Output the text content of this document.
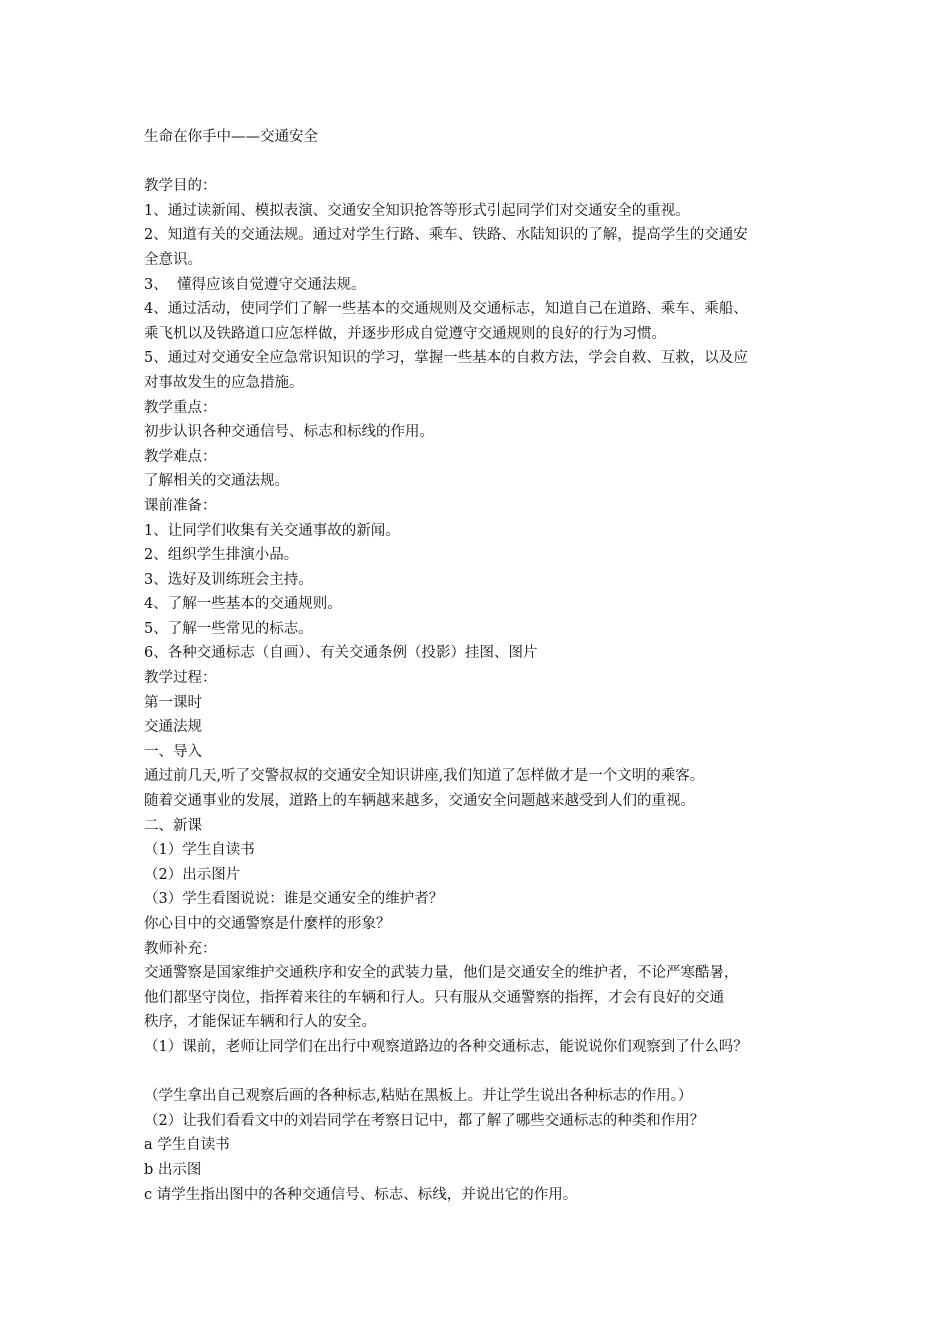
生命在你手中——交通安全

教学目的：

1、通过读新闻、模拟表演、交通安全知识抢答等形式引起同学们对交通安全的重视。

2、知道有关的交通法规。通过对学生行路、乘车、铁路、水陆知识的了解，提高学生的交通安

全意识。

3、  懂得应该自觉遵守交通法规。

4、通过活动，使同学们了解一些基本的交通规则及交通标志，知道自己在道路、乘车、乘船、

乘飞机以及铁路道口应怎样做，并逐步形成自觉遵守交通规则的良好的行为习惯。

5、通过对交通安全应急常识知识的学习，掌握一些基本的自救方法，学会自救、互救，以及应

对事故发生的应急措施。

教学重点：

初步认识各种交通信号、标志和标线的作用。

教学难点：

了解相关的交通法规。

课前准备：

1、让同学们收集有关交通事故的新闻。

2、组织学生排演小品。

3、选好及训练班会主持。

4、了解一些基本的交通规则。

5、了解一些常见的标志。

6、各种交通标志（自画）、有关交通条例（投影）挂图、图片

教学过程：

第一课时

交通法规

一、导入

通过前几天,听了交警叔叔的交通安全知识讲座,我们知道了怎样做才是一个文明的乘客。

随着交通事业的发展，道路上的车辆越来越多，交通安全问题越来越受到人们的重视。

二、新课

（1）学生自读书

（2）出示图片

（3）学生看图说说：谁是交通安全的维护者？

你心目中的交通警察是什麼样的形象？

教师补充：

交通警察是国家维护交通秩序和安全的武装力量，他们是交通安全的维护者，不论严寒酷暑，

他们都坚守岗位，指挥着来往的车辆和行人。只有服从交通警察的指挥，才会有良好的交通

秩序，才能保证车辆和行人的安全。

（1）课前，老师让同学们在出行中观察道路边的各种交通标志，能说说你们观察到了什么吗？

（学生拿出自己观察后画的各种标志,粘贴在黑板上。并让学生说出各种标志的作用。）

（2）让我们看看文中的刘岩同学在考察日记中，都了解了哪些交通标志的种类和作用？

a 学生自读书

b 出示图

c 请学生指出图中的各种交通信号、标志、标线，并说出它的作用。
